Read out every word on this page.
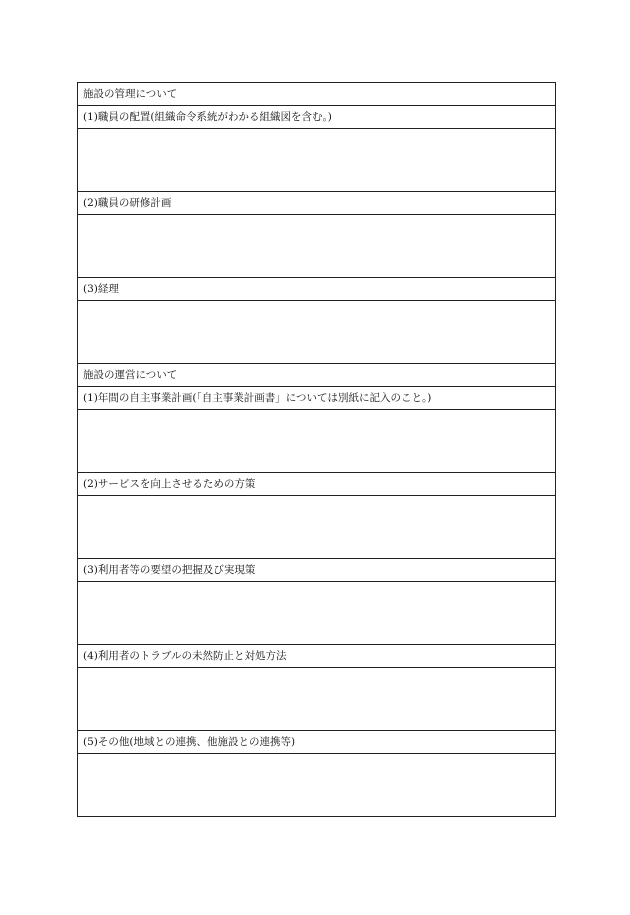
施設の管理について
(1)職員の配置(組織命令系統がわかる組織図を含む。)
(2)職員の研修計画
(3)経理
施設の運営について
(1)年間の自主事業計画(「自主事業計画書」については別紙に記入のこと。)
(2)サービスを向上させるための方策
(3)利用者等の要望の把握及び実現策
(4)利用者のトラブルの未然防止と対処方法
(5)その他(地域との連携、他施設との連携等)
